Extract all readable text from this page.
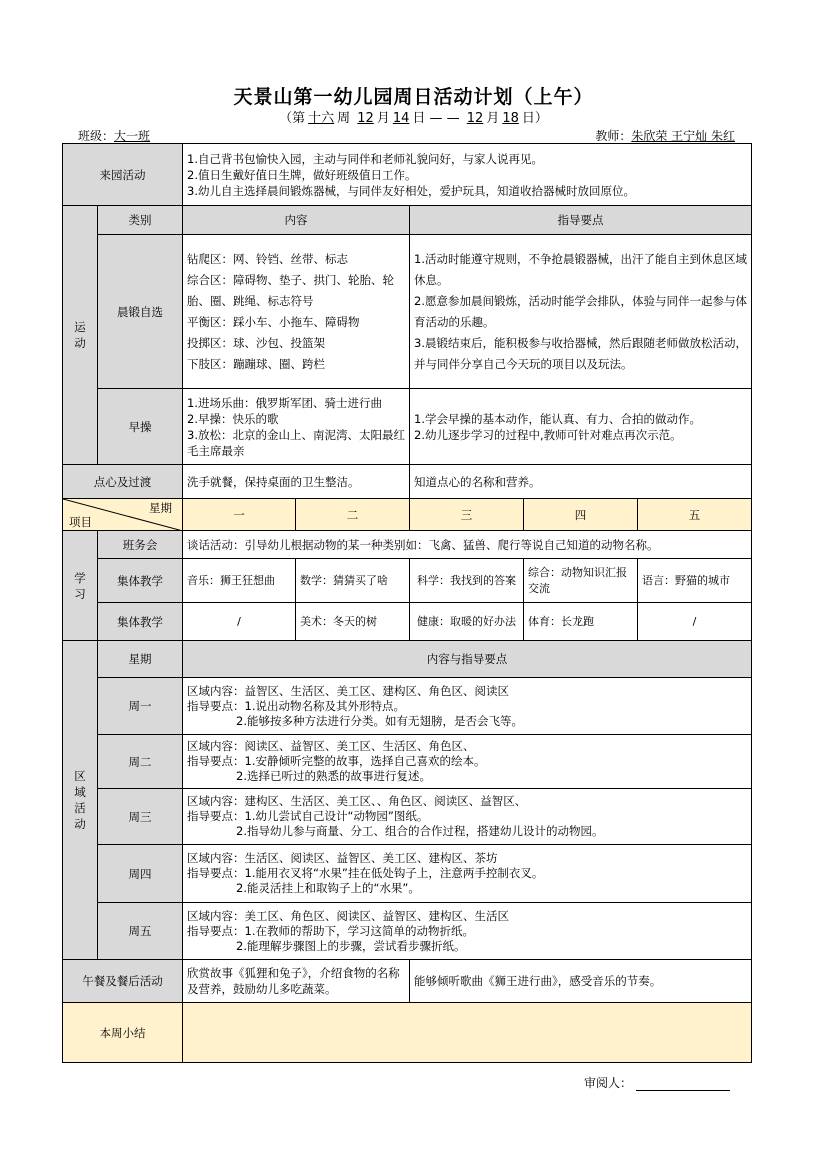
天景山第一幼儿园周日活动计划（上午）
（第 十六 周 12 月 14 日 — — 12 月 18 日）
班级：大一班	教师：朱欣荣 王宁灿 朱红
来园活动		1.自己背书包愉快入园，主动与同伴和老师礼貌问好，与家人说再见。
2.值日生戴好值日生牌，做好班级值日工作。
3.幼儿自主选择晨间锻炼器械，与同伴友好相处，爱护玩具，知道收拾器械时放回原位。				

运动	类别	内容		指导要点		
	晨锻自选	钻爬区：网、铃铛、丝带、标志
综合区：障碍物、垫子、拱门、轮胎、轮胎、圈、跳绳、标志符号
平衡区：踩小车、小拖车、障碍物
投掷区：球、沙包、投篮架
下肢区：蹦蹦球、圈、跨栏		1.活动时能遵守规则，不争抢晨锻器械，出汗了能自主到休息区域休息。
2.愿意参加晨间锻炼，活动时能学会排队，体验与同伴一起参与体育活动的乐趣。
3.晨锻结束后，能积极参与收拾器械，然后跟随老师做放松活动，并与同伴分享自己今天玩的项目以及玩法。		

	早操	1.进场乐曲：俄罗斯军团、骑士进行曲
2.早操：快乐的歌
3.放松：北京的金山上、南泥湾、太阳最红毛主席最亲		1.学会早操的基本动作，能认真、有力、合拍的做动作。
2.幼儿逐步学习的过程中,教师可针对难点再次示范。		

点心及过渡		洗手就餐，保持桌面的卫生整洁。		知道点心的名称和营养。		

星期
项目		一	二	三	四	五
学习	班务会	谈话活动：引导幼儿根据动物的某一种类别如：飞禽、猛兽、爬行等说自己知道的动物名称。				
	集体教学	音乐：狮王狂想曲	数学：猜猜买了啥	科学：我找到的答案	综合：动物知识汇报交流	语言：野猫的城市
	集体教学	/	美术：冬天的树	健康：取暖的好办法	体育：长龙跑	/
区域活动	星期	内容与指导要点				
	周一	区域内容：益智区、生活区、美工区、建构区、角色区、阅读区
指导要点：1.说出动物名称及其外形特点。
2.能够按多种方法进行分类。如有无翅膀，是否会飞等。				

	周二	区域内容：阅读区、益智区、美工区、生活区、角色区、
指导要点：1.安静倾听完整的故事，选择自己喜欢的绘本。
2.选择已听过的熟悉的故事进行复述。				

	周三	区域内容：建构区、生活区、美工区、、角色区、阅读区、益智区、
指导要点：1.幼儿尝试自己设计“动物园”图纸。
2.指导幼儿参与商量、分工、组合的合作过程，搭建幼儿设计的动物园。				

	周四	区域内容：生活区、阅读区、益智区、美工区、建构区、茶坊
指导要点：1.能用衣叉将“水果”挂在低处钩子上，注意两手控制衣叉。
2.能灵活挂上和取钩子上的“水果”。				

	周五	区域内容：美工区、角色区、阅读区、益智区、建构区、生活区
指导要点：1.在教师的帮助下，学习这简单的动物折纸。
2.能理解步骤图上的步骤，尝试看步骤折纸。				

午餐及餐后活动		欣赏故事《狐狸和兔子》，介绍食物的名称及营养，鼓励幼儿多吃蔬菜。		能够倾听歌曲《狮王进行曲》，感受音乐的节奏。		
本周小结						
审阅人：
